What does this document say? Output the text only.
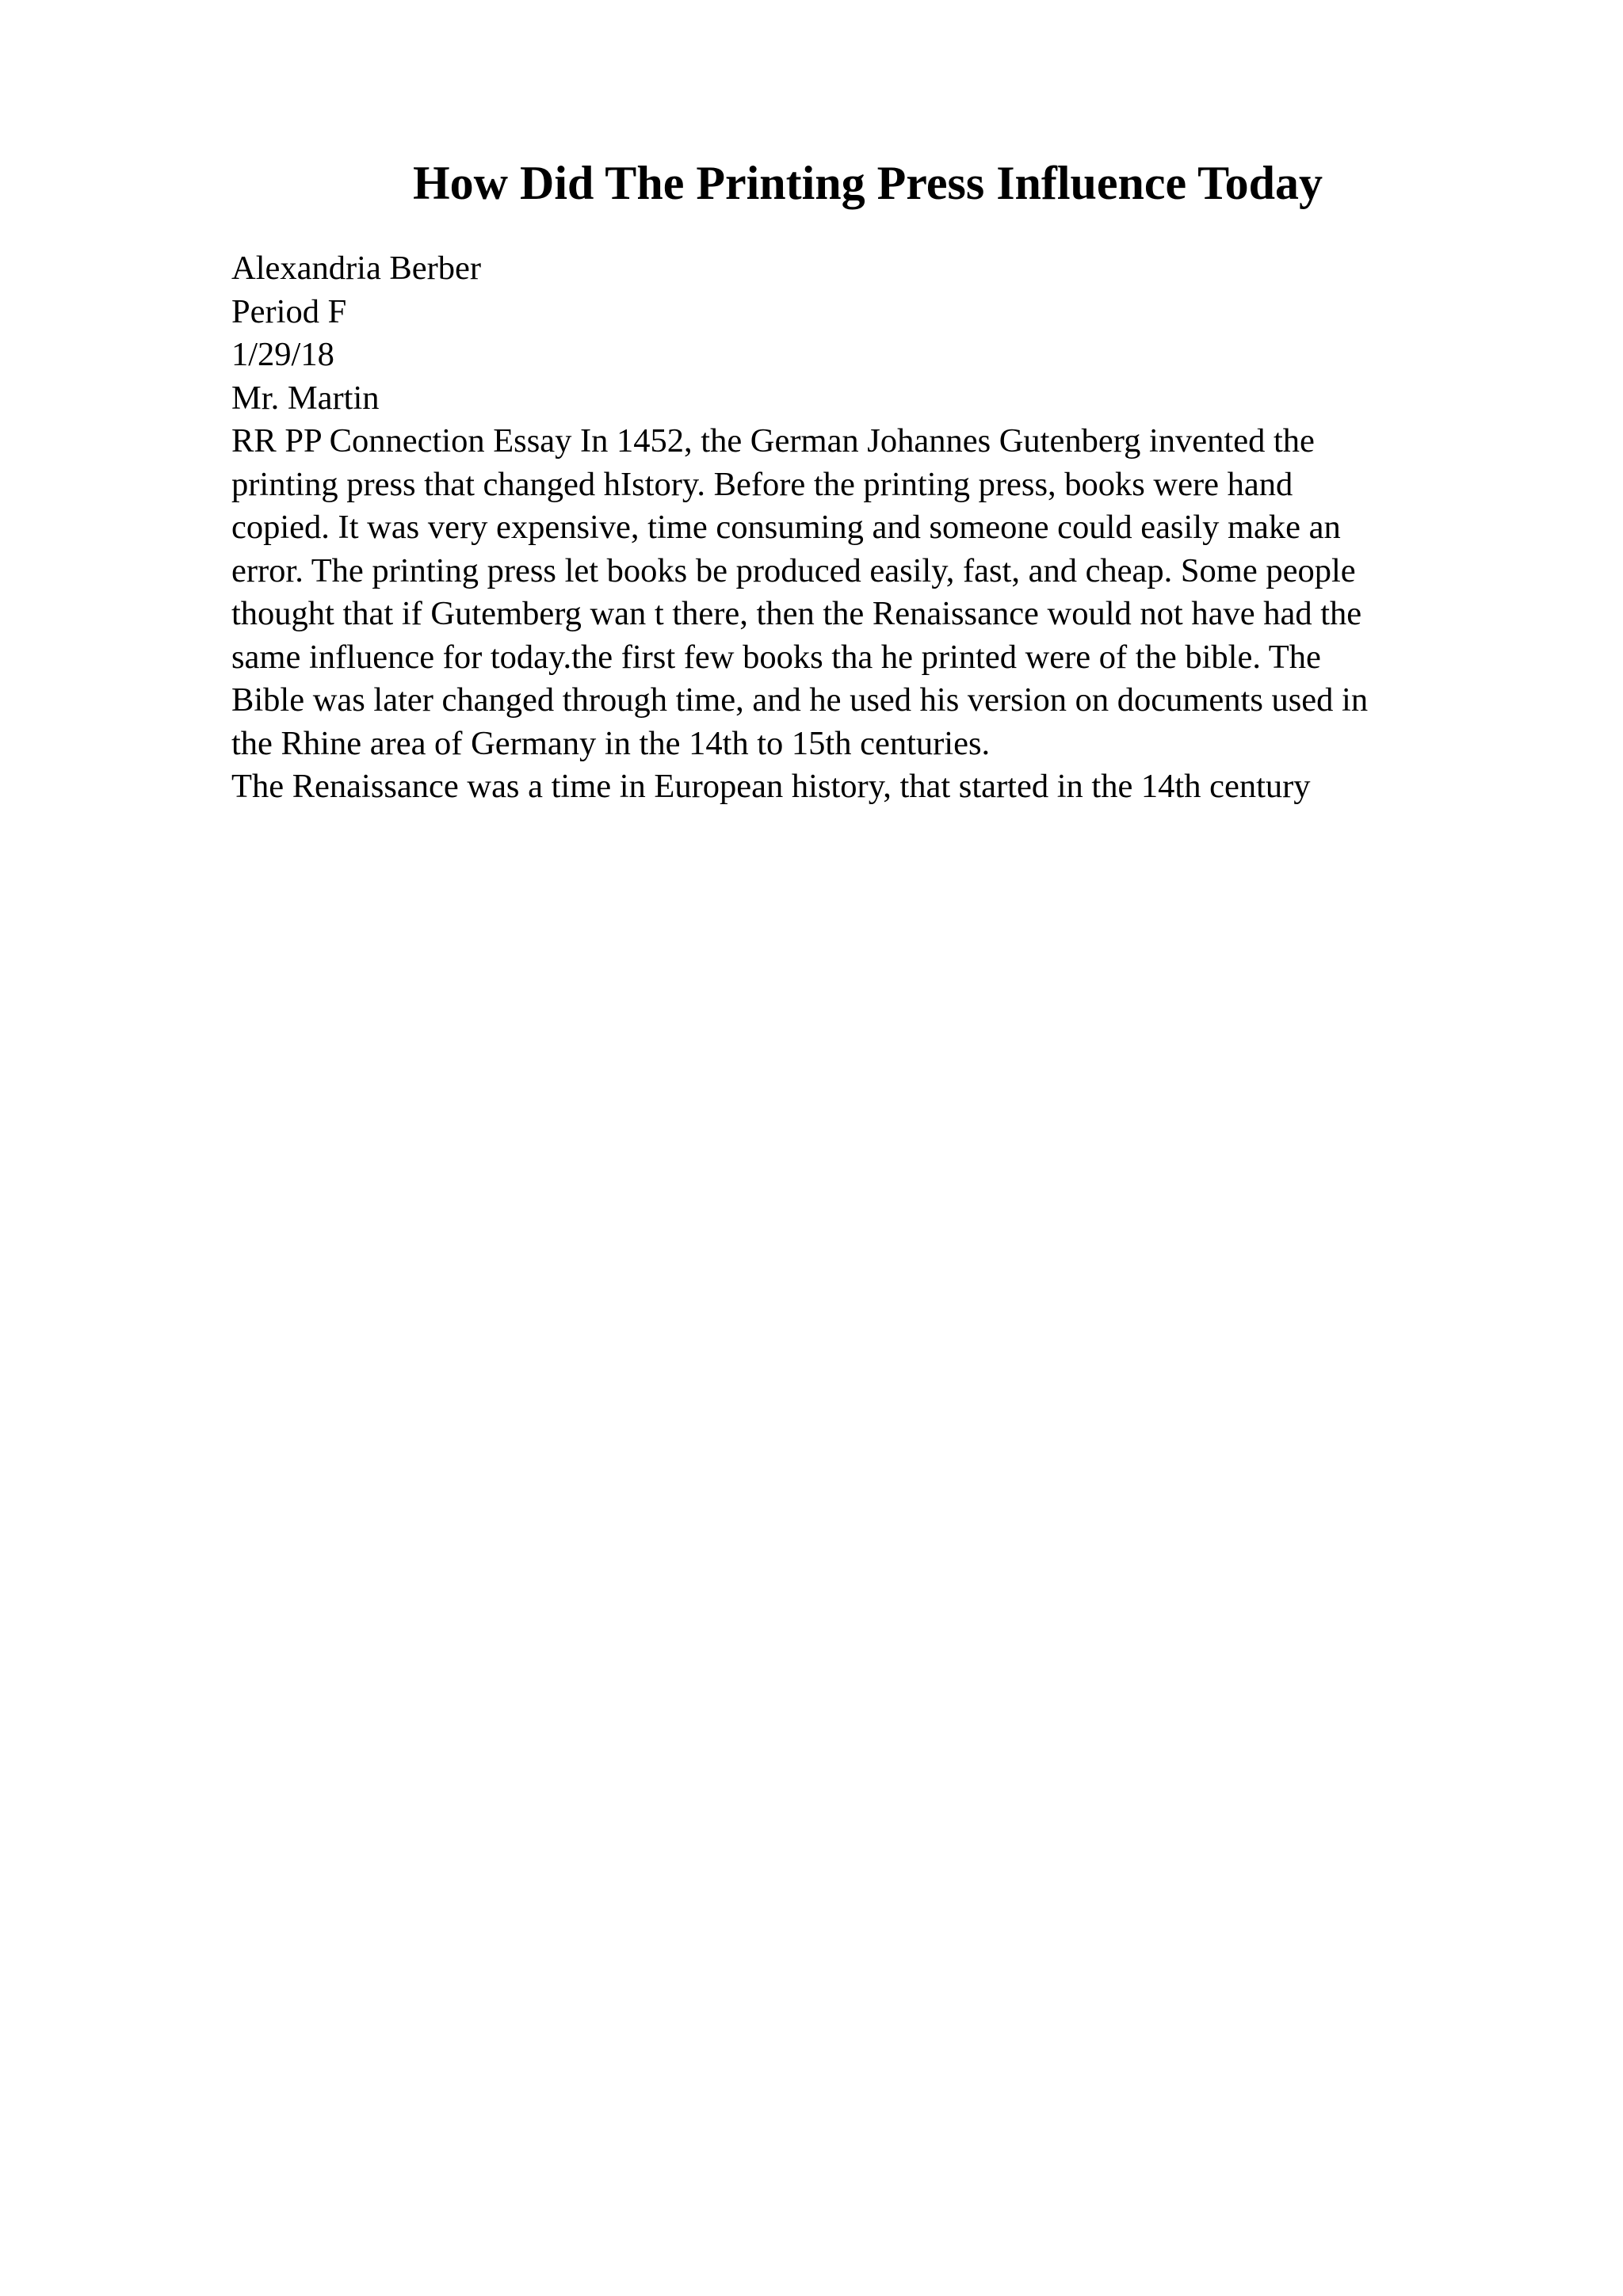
How Did The Printing Press Influence Today
Alexandria Berber
Period F
1/29/18
Mr. Martin
RR PP Connection Essay In 1452, the German Johannes Gutenberg invented the
printing press that changed hIstory. Before the printing press, books were hand
copied. It was very expensive, time consuming and someone could easily make an
error. The printing press let books be produced easily, fast, and cheap. Some people
thought that if Gutemberg wan t there, then the Renaissance would not have had the
same influence for today.the first few books tha he printed were of the bible. The
Bible was later changed through time, and he used his version on documents used in
the Rhine area of Germany in the 14th to 15th centuries.
The Renaissance was a time in European history, that started in the 14th century
